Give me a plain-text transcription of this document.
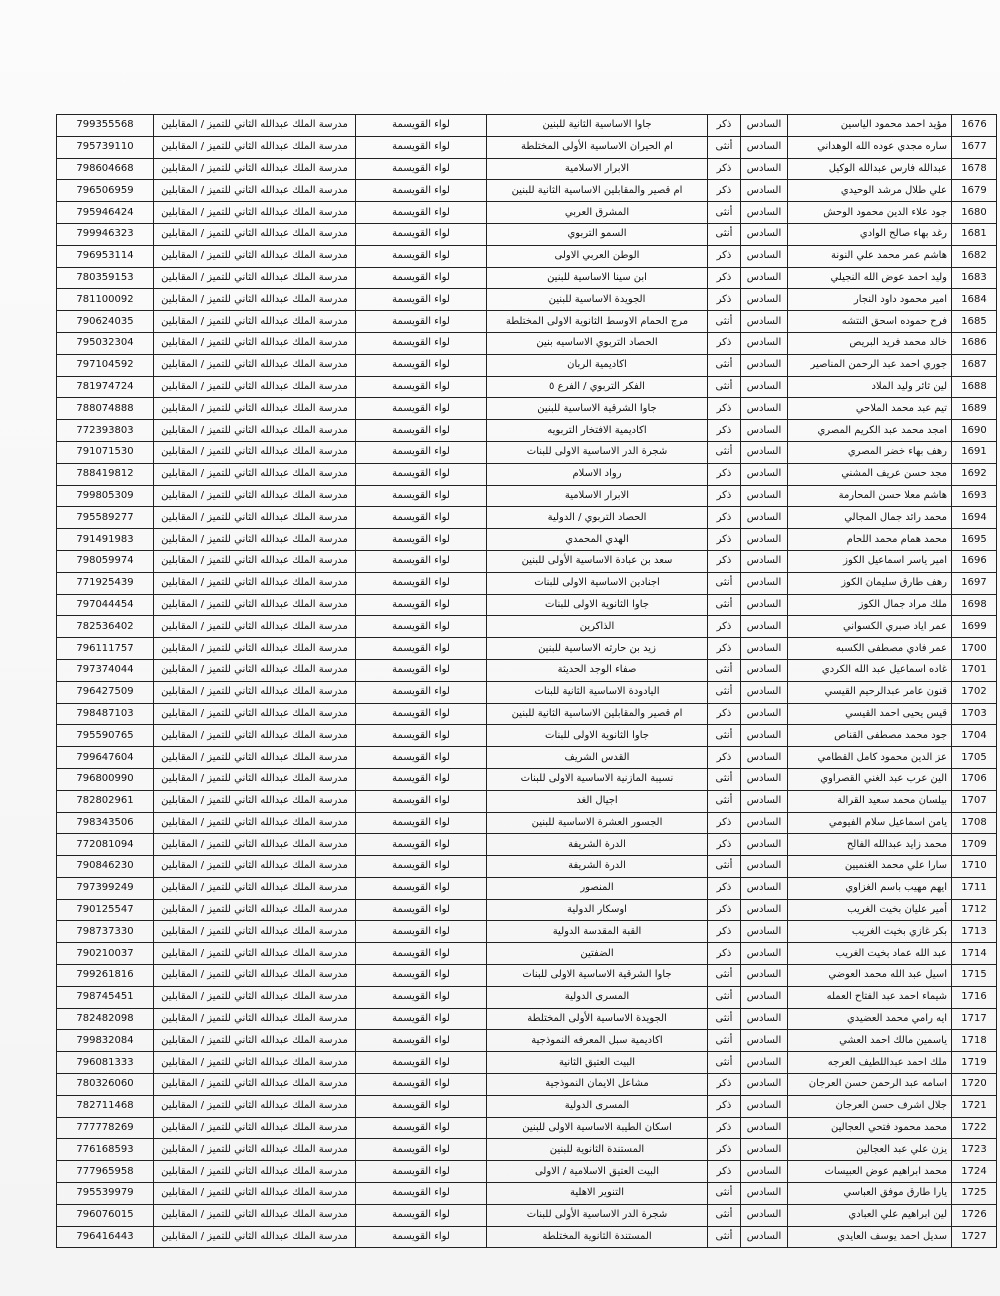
1676	مؤيد احمد محمود الياسين	السادس	ذكر	جاوا الاساسية الثانية للبنين	لواء القويسمة	مدرسة الملك عبدالله الثاني للتميز / المقابلين	799355568
1677	ساره مجدي عوده الله الوهداني	السادس	أنثى	ام الحيران الاساسية الأولى المختلطة	لواء القويسمة	مدرسة الملك عبدالله الثاني للتميز / المقابلين	795739110
1678	عبدالله فارس عبدالله الوكيل	السادس	ذكر	الابرار الاسلامية	لواء القويسمة	مدرسة الملك عبدالله الثاني للتميز / المقابلين	798604668
1679	علي طلال مرشد الوحيدي	السادس	ذكر	ام قصير والمقابلين الاساسية الثانية للبنين	لواء القويسمة	مدرسة الملك عبدالله الثاني للتميز / المقابلين	796506959
1680	جود علاء الدين محمود الوحش	السادس	أنثى	المشرق العربي	لواء القويسمة	مدرسة الملك عبدالله الثاني للتميز / المقابلين	795946424
1681	رغد بهاء صالح الوادي	السادس	أنثى	السمو التربوي	لواء القويسمة	مدرسة الملك عبدالله الثاني للتميز / المقابلين	799946323
1682	هاشم عمر محمد علي النونة	السادس	ذكر	الوطن العربي الاولى	لواء القويسمة	مدرسة الملك عبدالله الثاني للتميز / المقابلين	796953114
1683	وليد احمد عوض الله النجيلي	السادس	ذكر	ابن سينا الاساسية للبنين	لواء القويسمة	مدرسة الملك عبدالله الثاني للتميز / المقابلين	780359153
1684	امير محمود داود النجار	السادس	ذكر	الجويدة الاساسية للبنين	لواء القويسمة	مدرسة الملك عبدالله الثاني للتميز / المقابلين	781100092
1685	فرح حموده اسحق النتشه	السادس	أنثى	مرج الحمام الاوسط الثانوية الاولى المختلطة	لواء القويسمة	مدرسة الملك عبدالله الثاني للتميز / المقابلين	790624035
1686	خالد محمد فريد البريص	السادس	ذكر	الحصاد التربوي الاساسيه بنين	لواء القويسمة	مدرسة الملك عبدالله الثاني للتميز / المقابلين	795032304
1687	جوري احمد عبد الرحمن المناصير	السادس	أنثى	اكاديمية الربان	لواء القويسمة	مدرسة الملك عبدالله الثاني للتميز / المقابلين	797104592
1688	لين ثائر وليد الملاد	السادس	أنثى	الفكر التربوي / الفرع ٥	لواء القويسمة	مدرسة الملك عبدالله الثاني للتميز / المقابلين	781974724
1689	تيم عبد محمد الملاحي	السادس	ذكر	جاوا الشرقية الاساسية للبنين	لواء القويسمة	مدرسة الملك عبدالله الثاني للتميز / المقابلين	788074888
1690	امجد محمد عبد الكريم المصري	السادس	ذكر	اكاديمية الافتخار التربويه	لواء القويسمة	مدرسة الملك عبدالله الثاني للتميز / المقابلين	772393803
1691	رهف بهاء خضر المصري	السادس	أنثى	شجرة الدر الاساسية الاولى للبنات	لواء القويسمة	مدرسة الملك عبدالله الثاني للتميز / المقابلين	791071530
1692	مجد حسن عريف المشني	السادس	ذكر	رواد الاسلام	لواء القويسمة	مدرسة الملك عبدالله الثاني للتميز / المقابلين	788419812
1693	هاشم معلا حسن المحارمة	السادس	ذكر	الابرار الاسلامية	لواء القويسمة	مدرسة الملك عبدالله الثاني للتميز / المقابلين	799805309
1694	محمد رائد جمال المجالي	السادس	ذكر	الحصاد التربوي / الدولية	لواء القويسمة	مدرسة الملك عبدالله الثاني للتميز / المقابلين	795589277
1695	محمد همام محمد اللحام	السادس	ذكر	الهدي المحمدي	لواء القويسمة	مدرسة الملك عبدالله الثاني للتميز / المقابلين	791491983
1696	امير ياسر اسماعيل الكوز	السادس	ذكر	سعد بن عبادة الاساسية الأولى للبنين	لواء القويسمة	مدرسة الملك عبدالله الثاني للتميز / المقابلين	798059974
1697	رهف طارق سليمان الكوز	السادس	أنثى	اجنادين الاساسية الاولى للبنات	لواء القويسمة	مدرسة الملك عبدالله الثاني للتميز / المقابلين	771925439
1698	ملك مراد جمال الكوز	السادس	أنثى	جاوا الثانوية الاولى للبنات	لواء القويسمة	مدرسة الملك عبدالله الثاني للتميز / المقابلين	797044454
1699	عمر اياد صبري الكسواني	السادس	ذكر	الذاكرين	لواء القويسمة	مدرسة الملك عبدالله الثاني للتميز / المقابلين	782536402
1700	عمر فادي مصطفى الكسبه	السادس	ذكر	زيد بن حارثه الاساسية للبنين	لواء القويسمة	مدرسة الملك عبدالله الثاني للتميز / المقابلين	796111757
1701	غاده اسماعيل عبد الله الكردي	السادس	أنثى	صفاء الوجد الحديثة	لواء القويسمة	مدرسة الملك عبدالله الثاني للتميز / المقابلين	797374044
1702	قنون عامر عبدالرحيم القيسي	السادس	أنثى	اليادودة الاساسية الثانية للبنات	لواء القويسمة	مدرسة الملك عبدالله الثاني للتميز / المقابلين	796427509
1703	قيس يحيى احمد القيسي	السادس	ذكر	ام قصير والمقابلين الاساسية الثانية للبنين	لواء القويسمة	مدرسة الملك عبدالله الثاني للتميز / المقابلين	798487103
1704	جود محمد مصطفى القناص	السادس	أنثى	جاوا الثانوية الاولى للبنات	لواء القويسمة	مدرسة الملك عبدالله الثاني للتميز / المقابلين	795590765
1705	عز الدين محمود كامل القطامي	السادس	ذكر	القدس الشريف	لواء القويسمة	مدرسة الملك عبدالله الثاني للتميز / المقابلين	799647604
1706	الين عرب عبد الغني القصراوي	السادس	أنثى	نسيبة المازنية الاساسية الاولى للبنات	لواء القويسمة	مدرسة الملك عبدالله الثاني للتميز / المقابلين	796800990
1707	بيلسان محمد سعيد القرالة	السادس	أنثى	اجيال الغد	لواء القويسمة	مدرسة الملك عبدالله الثاني للتميز / المقابلين	782802961
1708	يامن اسماعيل سلام الفيومي	السادس	ذكر	الجسور العشرة الاساسية للبنين	لواء القويسمة	مدرسة الملك عبدالله الثاني للتميز / المقابلين	798343506
1709	محمد زايد عبدالله الفالح	السادس	ذكر	الدرة الشريفة	لواء القويسمة	مدرسة الملك عبدالله الثاني للتميز / المقابلين	772081094
1710	سارا علي محمد الغنميين	السادس	أنثى	الدرة الشريفة	لواء القويسمة	مدرسة الملك عبدالله الثاني للتميز / المقابلين	790846230
1711	ايهم مهيب باسم الغزاوي	السادس	ذكر	المنصور	لواء القويسمة	مدرسة الملك عبدالله الثاني للتميز / المقابلين	797399249
1712	أمير عليان بخيت الغريب	السادس	ذكر	اوسكار الدولية	لواء القويسمة	مدرسة الملك عبدالله الثاني للتميز / المقابلين	790125547
1713	بكر غازي بخيت الغريب	السادس	ذكر	القبة المقدسة الدولية	لواء القويسمة	مدرسة الملك عبدالله الثاني للتميز / المقابلين	798737330
1714	عبد الله عماد بخيت الغريب	السادس	ذكر	الضفتين	لواء القويسمة	مدرسة الملك عبدالله الثاني للتميز / المقابلين	790210037
1715	اسيل عبد الله محمد العوضي	السادس	أنثى	جاوا الشرقية الاساسية الاولى للبنات	لواء القويسمة	مدرسة الملك عبدالله الثاني للتميز / المقابلين	799261816
1716	شيماء احمد عبد الفتاح العمله	السادس	أنثى	المسرى الدولية	لواء القويسمة	مدرسة الملك عبدالله الثاني للتميز / المقابلين	798745451
1717	ايه رامي محمد العضيدي	السادس	أنثى	الجويدة الاساسية الأولى المختلطة	لواء القويسمة	مدرسة الملك عبدالله الثاني للتميز / المقابلين	782482098
1718	ياسمين مالك احمد العشي	السادس	أنثى	اكاديمية سبل المعرفه النموذجية	لواء القويسمة	مدرسة الملك عبدالله الثاني للتميز / المقابلين	799832084
1719	ملك احمد عبداللطيف العرجه	السادس	أنثى	البيت العتيق الثانية	لواء القويسمة	مدرسة الملك عبدالله الثاني للتميز / المقابلين	796081333
1720	اسامه عبد الرحمن حسن العرجان	السادس	ذكر	مشاعل الايمان النموذجية	لواء القويسمة	مدرسة الملك عبدالله الثاني للتميز / المقابلين	780326060
1721	جلال اشرف حسن العرجان	السادس	ذكر	المسرى الدولية	لواء القويسمة	مدرسة الملك عبدالله الثاني للتميز / المقابلين	782711468
1722	محمد محمود فتحي العجالين	السادس	ذكر	اسكان الطيبة الاساسية الاولى للبنين	لواء القويسمة	مدرسة الملك عبدالله الثاني للتميز / المقابلين	777778269
1723	يزن علي عبد العجالين	السادس	ذكر	المستندة الثانوية للبنين	لواء القويسمة	مدرسة الملك عبدالله الثاني للتميز / المقابلين	776168593
1724	محمد ابراهيم عوض العبيسات	السادس	ذكر	البيت العتيق الاسلامية / الاولى	لواء القويسمة	مدرسة الملك عبدالله الثاني للتميز / المقابلين	777965958
1725	يارا طارق موفق العباسي	السادس	أنثى	التنوير الاهلية	لواء القويسمة	مدرسة الملك عبدالله الثاني للتميز / المقابلين	795539979
1726	لين ابراهيم علي العبادي	السادس	أنثى	شجرة الدر الاساسية الأولى للبنات	لواء القويسمة	مدرسة الملك عبدالله الثاني للتميز / المقابلين	796076015
1727	سديل احمد يوسف العايدي	السادس	أنثى	المستندة الثانوية المختلطة	لواء القويسمة	مدرسة الملك عبدالله الثاني للتميز / المقابلين	796416443
